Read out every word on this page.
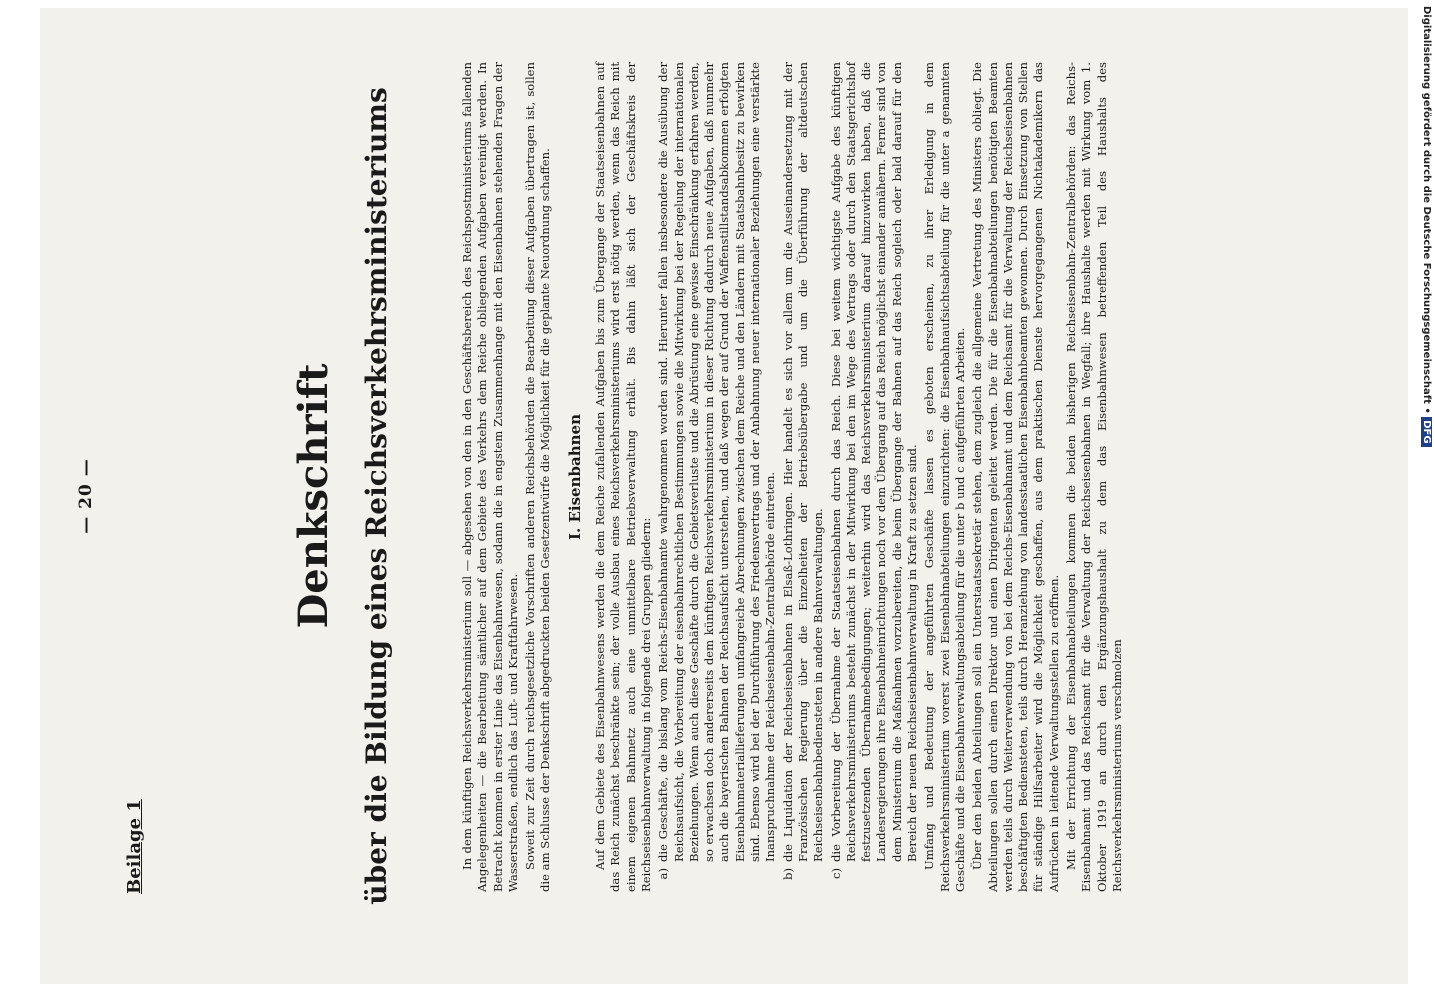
— 20 —
Beilage 1
Denkschrift über die Bildung eines Reichsverkehrsministeriums	In dem künftigen Reichsverkehrsministerium soll — abgesehen von den in den Geschäftsbereich des Reichspostministeriums fallenden Angelegenheiten — die Bearbeitung sämtlicher auf dem Gebiete des Verkehrs dem Reiche obliegenden Aufgaben vereinigt werden. In Betracht kommen in erster Linie das Eisenbahnwesen, sodann die in engstem Zusammenhange mit den Eisenbahnen stehenden Fragen der Wasserstraßen, endlich das Luft- und Kraftfahrwesen. Soweit zur Zeit durch reichsgesetzliche Vorschriften anderen Reichsbehörden die Bearbeitung dieser Aufgaben übertragen ist, sollen die am Schlusse der Denkschrift abgedruckten beiden Gesetzentwürfe die Möglichkeit für die geplante Neuordnung schaffen. I. Eisenbahnen Auf dem Gebiete des Eisenbahnwesens werden die dem Reiche zufallenden Aufgaben bis zum Übergange der Staatseisenbahnen auf das Reich zunächst beschränkte sein; der volle Ausbau eines Reichsverkehrsministeriums wird erst nötig werden, wenn das Reich mit einem eigenen Bahnnetz auch eine unmittelbare Betriebsverwaltung erhält. Bis dahin läßt sich der Geschäftskreis der Reichseisenbahnverwaltung in folgende drei Gruppen gliedern: a)
die Geschäfte, die bislang vom Reichs-Eisenbahnamte wahrgenommen worden sind. Hierunter fallen insbesondere die Ausübung der Reichsaufsicht, die Vorbereitung der eisenbahnrechtlichen Bestimmungen sowie die Mitwirkung bei der Regelung der internationalen Beziehungen. Wenn auch diese Geschäfte durch die Gebietsverluste und die Abrüstung eine gewisse Einschränkung erfahren werden, so erwachsen doch andererseits dem künftigen Reichsverkehrsministerium in dieser Richtung dadurch neue Aufgaben, daß nunmehr auch die bayerischen Bahnen der Reichsaufsicht unterstehen, und daß wegen der auf Grund der Waffenstillstandsabkommen erfolgten Eisenbahnmateriallieferungen umfangreiche Abrechnungen zwischen dem Reiche und den Ländern mit Staatsbahnbesitz zu bewirken sind. Ebenso wird bei der Durchführung des Friedensvertrags und der Anbahnung neuer internationaler Beziehungen eine verstärkte Inanspruchnahme der Reichseisenbahn-Zentralbehörde eintreten.
b)
die Liquidation der Reichseisenbahnen in Elsaß-Lothringen. Hier handelt es sich vor allem um die Auseinandersetzung mit der Französischen Regierung über die Einzelheiten der Betriebsübergabe und um die Überführung der altdeutschen Reichseisenbahnbediensteten in andere Bahnverwaltungen.
c)
die Vorbereitung der Übernahme der Staatseisenbahnen durch das Reich. Diese bei weitem wichtigste Aufgabe des künftigen Reichsverkehrsministeriums besteht zunächst in der Mitwirkung bei den im Wege des Vertrags oder durch den Staatsgerichtshof festzusetzenden Übernahmebedingungen; weiterhin wird das Reichsverkehrsministerium darauf hinzuwirken haben, daß die Landesregierungen ihre Eisenbahneinrichtungen noch vor dem Übergang auf das Reich möglichst einander annähern. Ferner sind von dem Ministerium die Maßnahmen vorzubereiten, die beim Übergange der Bahnen auf das Reich sogleich oder bald darauf für den Bereich der neuen Reichseisenbahnverwaltung in Kraft zu setzen sind. Umfang und Bedeutung der angeführten Geschäfte lassen es geboten erscheinen, zu ihrer Erledigung in dem Reichsverkehrsministerium vorerst zwei Eisenbahnabteilungen einzurichten: die Eisenbahnaufsichtsabteilung für die unter a genannten Geschäfte und die Eisenbahnverwaltungsabteilung für die unter b und c aufgeführten Arbeiten. Über den beiden Abteilungen soll ein Unterstaatssekretär stehen, dem zugleich die allgemeine Vertretung des Ministers obliegt. Die Abteilungen sollen durch einen Direktor und einen Dirigenten geleitet werden. Die für die Eisenbahnabteilungen benötigten Beamten werden teils durch Weiterverwendung von bei dem Reichs-Eisenbahnamt und dem Reichsamt für die Verwaltung der Reichseisenbahnen beschäftigten Bediensteten, teils durch Heranziehung von landesstaatlichen Eisenbahnbeamten gewonnen. Durch Einsetzung von Stellen für ständige Hilfsarbeiter wird die Möglichkeit geschaffen, aus dem praktischen Dienste hervorgegangenen Nichtakademikern das Aufrücken in leitende Verwaltungsstellen zu eröffnen. Mit der Errichtung der Eisenbahnabteilungen kommen die beiden bisherigen Reichseisenbahn-Zentralbehörden: das Reichs-Eisenbahnamt und das Reichsamt für die Verwaltung der Reichseisenbahnen in Wegfall; ihre Haushalte werden mit Wirkung vom 1. Oktober 1919 an durch den Ergänzungshaushalt zu dem das Eisenbahnwesen betreffenden Teil des Haushalts des Reichsverkehrsministeriums verschmolzen

Digitalisierung gefördert durch die Deutsche Forschungsgemeinschaft • DFG
